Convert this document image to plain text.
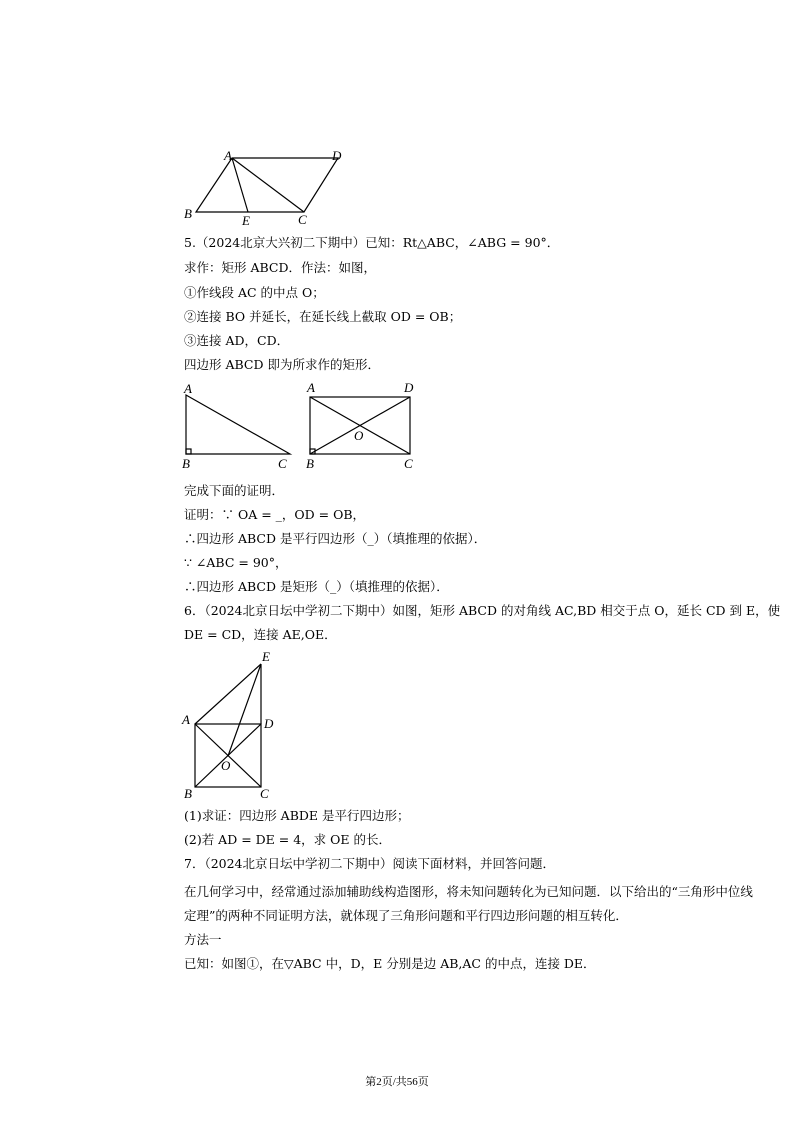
A	D
B	E	C
5.（2024北京大兴初二下期中）已知：Rt△ABC，∠ABG = 90°．
求作：矩形 ABCD．作法：如图，
①作线段 AC 的中点 O；
②连接 BO 并延长，在延长线上截取 OD = OB；
③连接 AD，CD．
四边形 ABCD 即为所求作的矩形．
A
B	C
A	D
O
B	C
完成下面的证明．
证明：∵ OA = _，OD = OB，
∴四边形 ABCD 是平行四边形（_）（填推理的依据）．
∵ ∠ABC = 90°，
∴四边形 ABCD 是矩形（_）（填推理的依据）．
6．（2024北京日坛中学初二下期中）如图，矩形 ABCD 的对角线 AC,BD 相交于点 O，延长 CD 到 E，使
DE = CD，连接 AE,OE．
E
A	D
O
B	C
(1)求证：四边形 ABDE 是平行四边形；
(2)若 AD = DE = 4，求 OE 的长．
7．（2024北京日坛中学初二下期中）阅读下面材料，并回答问题．
在几何学习中，经常通过添加辅助线构造图形，将未知问题转化为已知问题．以下给出的“三角形中位线定理”的两种不同证明方法，就体现了三角形问题和平行四边形问题的相互转化．
方法一
已知：如图①，在▽ABC 中，D，E 分别是边 AB,AC 的中点，连接 DE．
第2页/共56页
